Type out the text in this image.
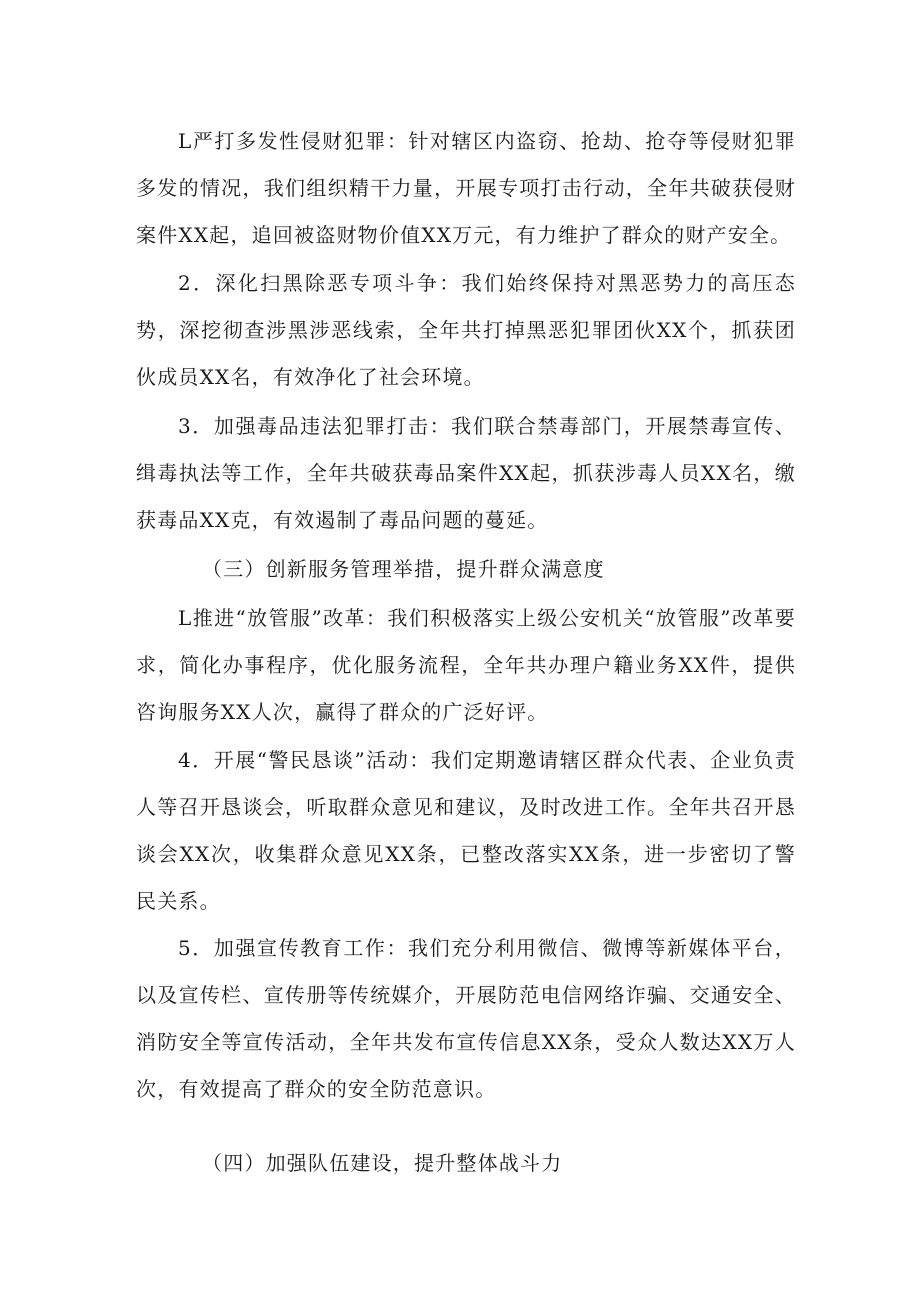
L严打多发性侵财犯罪：针对辖区内盗窃、抢劫、抢夺等侵财犯罪多发的情况，我们组织精干力量，开展专项打击行动，全年共破获侵财案件XX起，追回被盗财物价值XX万元，有力维护了群众的财产安全。

2．深化扫黑除恶专项斗争：我们始终保持对黑恶势力的高压态势，深挖彻查涉黑涉恶线索，全年共打掉黑恶犯罪团伙XX个，抓获团伙成员XX名，有效净化了社会环境。

3．加强毒品违法犯罪打击：我们联合禁毒部门，开展禁毒宣传、缉毒执法等工作，全年共破获毒品案件XX起，抓获涉毒人员XX名，缴获毒品XX克，有效遏制了毒品问题的蔓延。

（三）创新服务管理举措，提升群众满意度

L推进“放管服”改革：我们积极落实上级公安机关“放管服”改革要求，简化办事程序，优化服务流程，全年共办理户籍业务XX件，提供咨询服务XX人次，赢得了群众的广泛好评。

4．开展“警民恳谈”活动：我们定期邀请辖区群众代表、企业负责人等召开恳谈会，听取群众意见和建议，及时改进工作。全年共召开恳谈会XX次，收集群众意见XX条，已整改落实XX条，进一步密切了警民关系。

5．加强宣传教育工作：我们充分利用微信、微博等新媒体平台，以及宣传栏、宣传册等传统媒介，开展防范电信网络诈骗、交通安全、消防安全等宣传活动，全年共发布宣传信息XX条，受众人数达XX万人次，有效提高了群众的安全防范意识。

（四）加强队伍建设，提升整体战斗力
